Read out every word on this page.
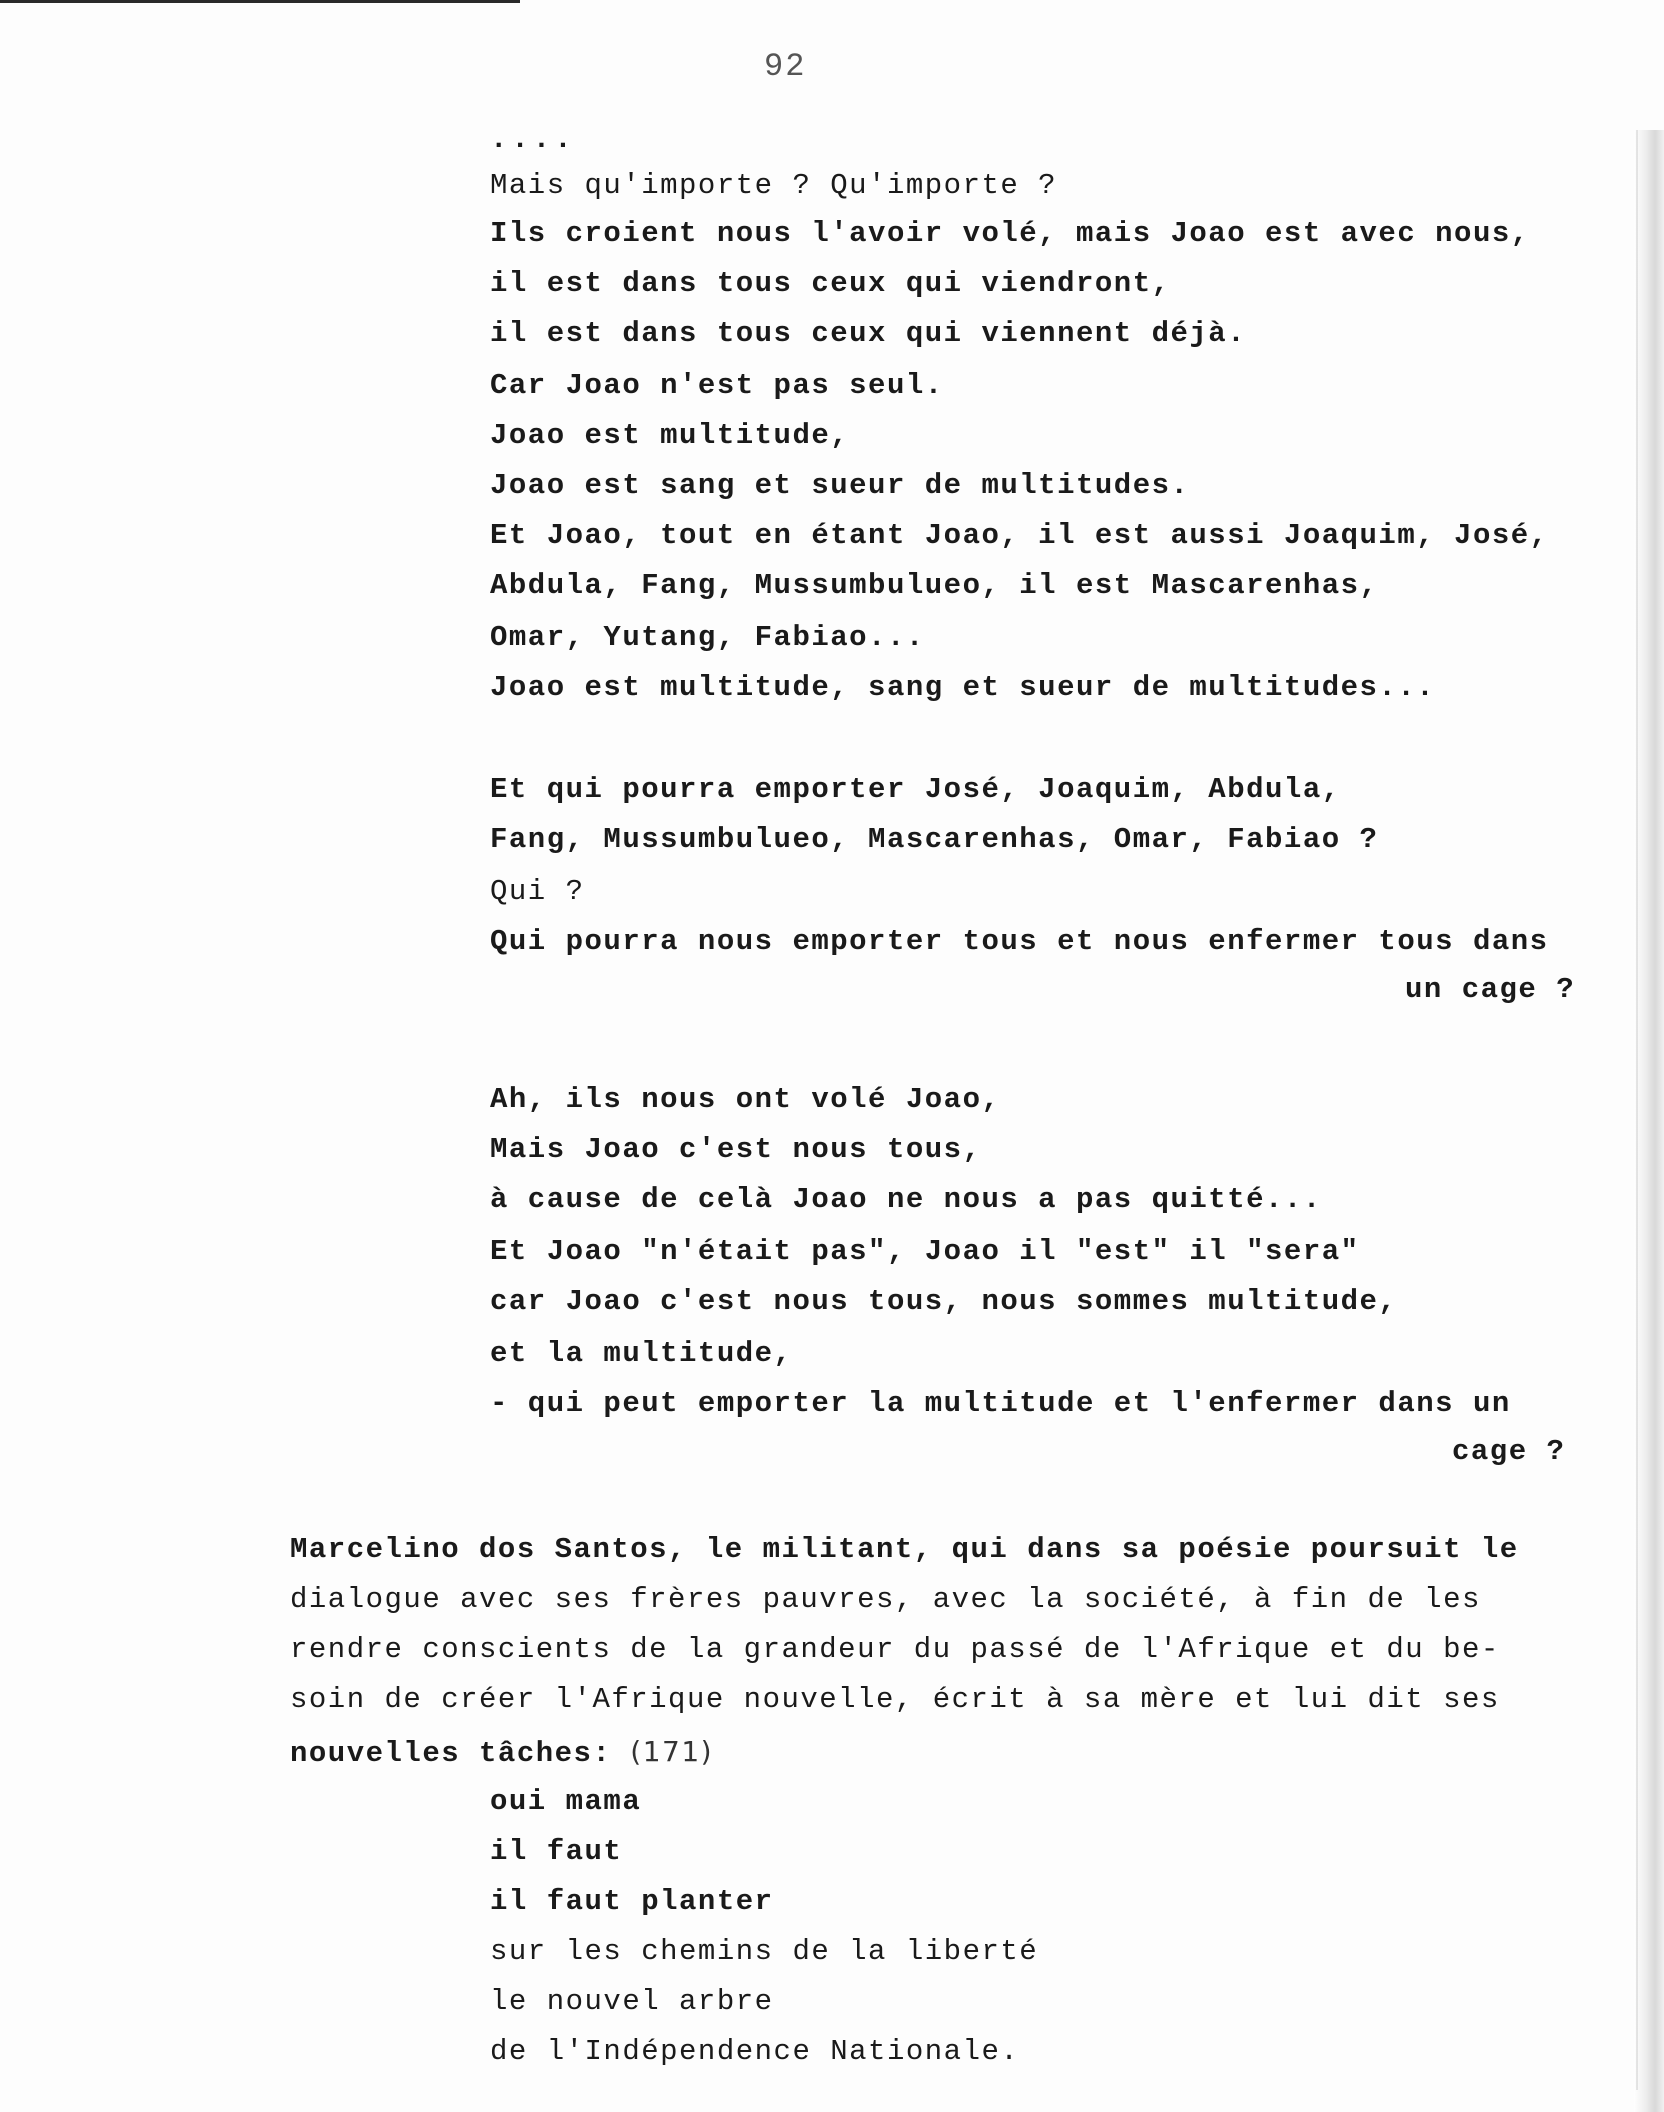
92
....
Mais qu'importe ? Qu'importe ?
Ils croient nous l'avoir volé, mais Joao est avec nous,
il est dans tous ceux qui viendront,
il est dans tous ceux qui viennent déjà.
Car Joao n'est pas seul.
Joao est multitude,
Joao est sang et sueur de multitudes.
Et Joao, tout en étant Joao, il est aussi Joaquim, José,
Abdula, Fang, Mussumbulueo, il est Mascarenhas,
Omar, Yutang, Fabiao...
Joao est multitude, sang et sueur de multitudes...
Et qui pourra emporter José, Joaquim, Abdula,
Fang, Mussumbulueo, Mascarenhas, Omar, Fabiao ?
Qui ?
Qui pourra nous emporter tous et nous enfermer tous dans
un cage ?
Ah, ils nous ont volé Joao,
Mais Joao c'est nous tous,
à cause de celà Joao ne nous a pas quitté...
Et Joao "n'était pas", Joao il "est" il "sera"
car Joao c'est nous tous, nous sommes multitude,
et la multitude,
- qui peut emporter la multitude et l'enfermer dans un
cage ?
Marcelino dos Santos, le militant, qui dans sa poésie poursuit le
dialogue avec ses frères pauvres, avec la société, à fin de les
rendre conscients de la grandeur du passé de l'Afrique et du be-
soin de créer l'Afrique nouvelle, écrit à sa mère et lui dit ses
nouvelles tâches: (171)
oui mama
il faut
il faut planter
sur les chemins de la liberté
le nouvel arbre
de l'Indépendence Nationale.
